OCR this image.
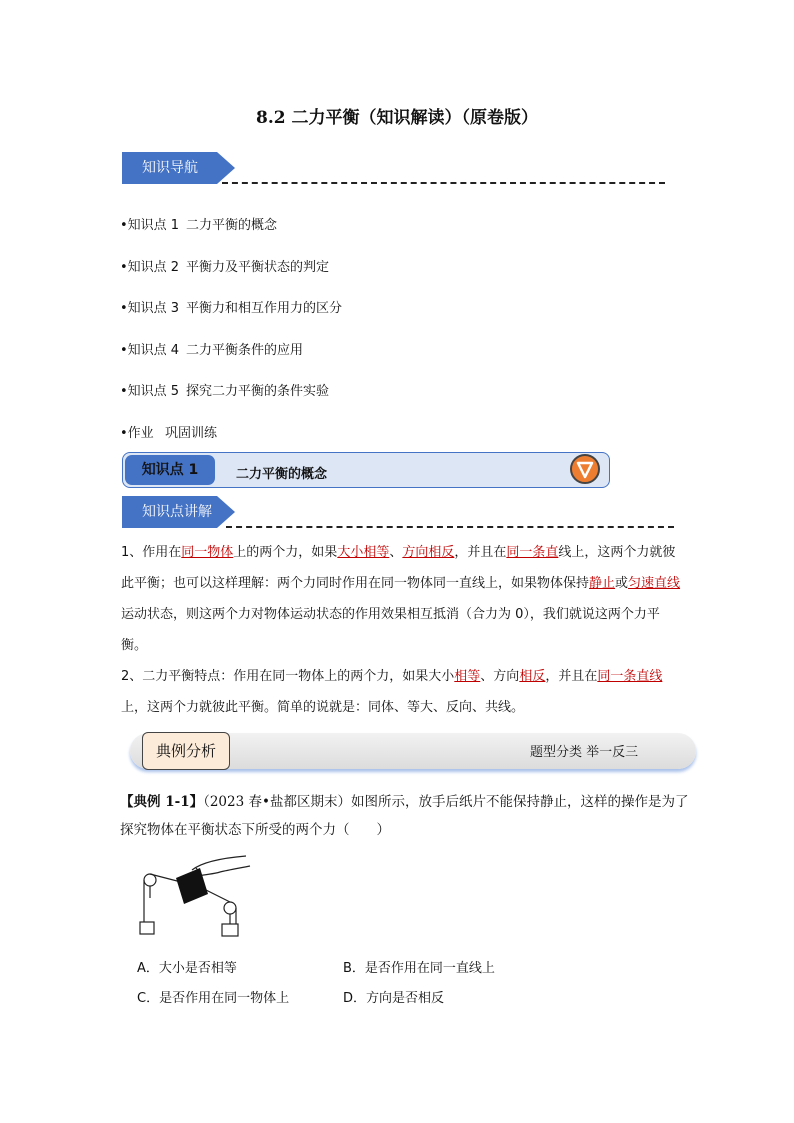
8.2 二力平衡（知识解读）（原卷版）
知识导航
•知识点 1 二力平衡的概念
•知识点 2 平衡力及平衡状态的判定
•知识点 3 平衡力和相互作用力的区分
•知识点 4 二力平衡条件的应用
•知识点 5 探究二力平衡的条件实验
•作业 巩固训练
知识点 1	二力平衡的概念
知识点讲解
1、作用在同一物体上的两个力，如果大小相等、方向相反，并且在同一条直线上，这两个力就彼此平衡；也可以这样理解：两个力同时作用在同一物体同一直线上，如果物体保持静止或匀速直线运动状态，则这两个力对物体运动状态的作用效果相互抵消（合力为 0），我们就说这两个力平衡。
2、二力平衡特点：作用在同一物体上的两个力，如果大小相等、方向相反，并且在同一条直线上，这两个力就彼此平衡。简单的说就是：同体、等大、反向、共线。
典例分析	题型分类 举一反三
【典例 1-1】（2023 春•盐都区期末）如图所示，放手后纸片不能保持静止，这样的操作是为了探究物体在平衡状态下所受的两个力（　　）
A．大小是否相等	B．是否作用在同一直线上
C．是否作用在同一物体上	D．方向是否相反
